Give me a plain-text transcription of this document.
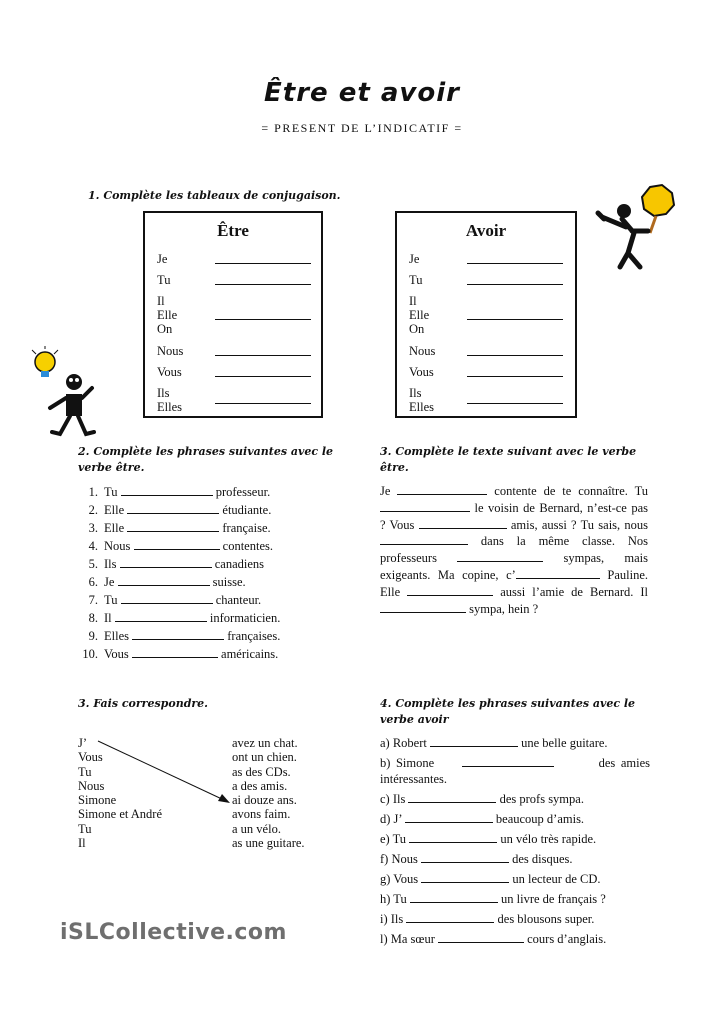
Être et avoir
= PRESENT DE L’INDICATIF =
1. Complète les tableaux de conjugaison.
Être
Je
Tu
Il
Elle
On
Nous
Vous
Ils
Elles
Avoir
Je
Tu
Il
Elle
On
Nous
Vous
Ils
Elles
2. Complète les phrases suivantes avec le verbe être.
1. Tu	professeur.
2. Elle	étudiante.
3. Elle	française.
4. Nous	contentes.
5. Ils	canadiens
6. Je	suisse.
7. Tu	chanteur.
8. Il	informaticien.
9. Elles	françaises.
10. Vous	américains.
3. Complète le texte suivant avec le verbe être.
Je	contente de te connaître. Tu  le voisin de Bernard, n’est-ce pas ? Vous	amis, aussi ? Tu sais, nous  dans la même classe. Nos professeurs	sympas, mais exigeants. Ma copine, c’	Pauline. Elle	aussi l’amie de Bernard. Il  sympa, hein ?
3. Fais correspondre.
J’
Vous
Tu
Nous
Simone
Simone et André
Tu
Il
avez un chat.
ont un chien.
as des CDs.
a des amis.
ai douze ans.
avons faim.
a un vélo.
as une guitare.
4. Complète les phrases suivantes avec le verbe avoir
a) Robert	une belle guitare.
b) Simone	des amies intéressantes.
c) Ils	des profs sympa.
d) J’	beaucoup d’amis.
e) Tu	un vélo très rapide.
f) Nous	des disques.
g) Vous	un lecteur de CD.
h) Tu	un livre de français ?
i) Ils	des blousons super.
l) Ma sœur	cours d’anglais.
iSLCollective.com
